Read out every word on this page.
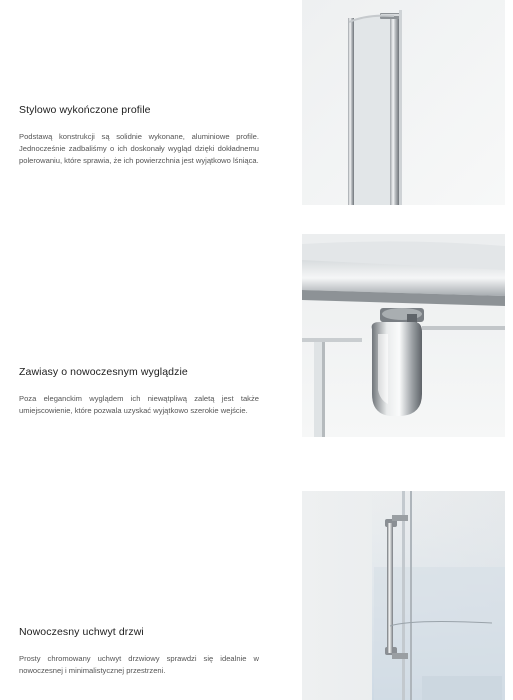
Stylowo wykończone profile

Podstawą konstrukcji są solidnie wykonane, aluminiowe profile. Jednocześnie zadbaliśmy o ich doskonały wygląd dzięki dokładnemu polerowaniu, które sprawia, że ich powierzchnia jest wyjątkowo lśniąca.

Zawiasy o nowoczesnym wyglądzie

Poza eleganckim wyglądem ich niewątpliwą zaletą jest także umiejscowienie, które pozwala uzyskać wyjątkowo szerokie wejście.

Nowoczesny uchwyt drzwi

Prosty chromowany uchwyt drzwiowy sprawdzi się idealnie w nowoczesnej i minimalistycznej przestrzeni.
